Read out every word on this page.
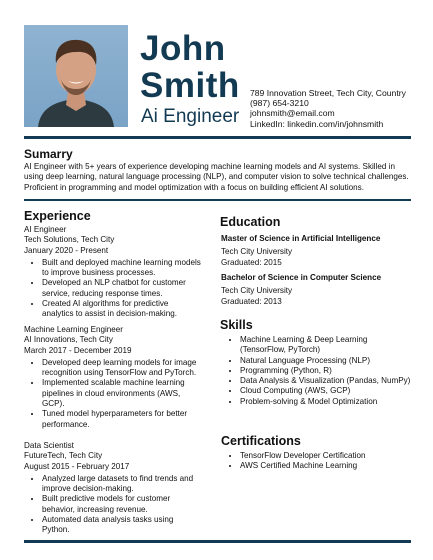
John
Smith
Ai Engineer
789 Innovation Street, Tech City, Country
(987) 654-3210
johnsmith@email.com
LinkedIn: linkedin.com/in/johnsmith
Sumarry
AI Engineer with 5+ years of experience developing machine learning models and AI systems. Skilled in using deep learning, natural language processing (NLP), and computer vision to solve technical challenges. Proficient in programming and model optimization with a focus on building efficient AI solutions.
Experience
AI Engineer
Tech Solutions, Tech City
January 2020 - Present
• Built and deployed machine learning models to improve business processes.
• Developed an NLP chatbot for customer service, reducing response times.
• Created AI algorithms for predictive analytics to assist in decision-making.
Machine Learning Engineer
AI Innovations, Tech City
March 2017 - December 2019
• Developed deep learning models for image recognition using TensorFlow and PyTorch.
• Implemented scalable machine learning pipelines in cloud environments (AWS, GCP).
• Tuned model hyperparameters for better performance.
Data Scientist
FutureTech, Tech City
August 2015 - February 2017
• Analyzed large datasets to find trends and improve decision-making.
• Built predictive models for customer behavior, increasing revenue.
• Automated data analysis tasks using Python.
Education
Master of Science in Artificial Intelligence
Tech City University
Graduated: 2015
Bachelor of Science in Computer Science
Tech City University
Graduated: 2013
Skills
• Machine Learning & Deep Learning (TensorFlow, PyTorch)
• Natural Language Processing (NLP)
• Programming (Python, R)
• Data Analysis & Visualization (Pandas, NumPy)
• Cloud Computing (AWS, GCP)
• Problem-solving & Model Optimization
Certifications
• TensorFlow Developer Certification
• AWS Certified Machine Learning
